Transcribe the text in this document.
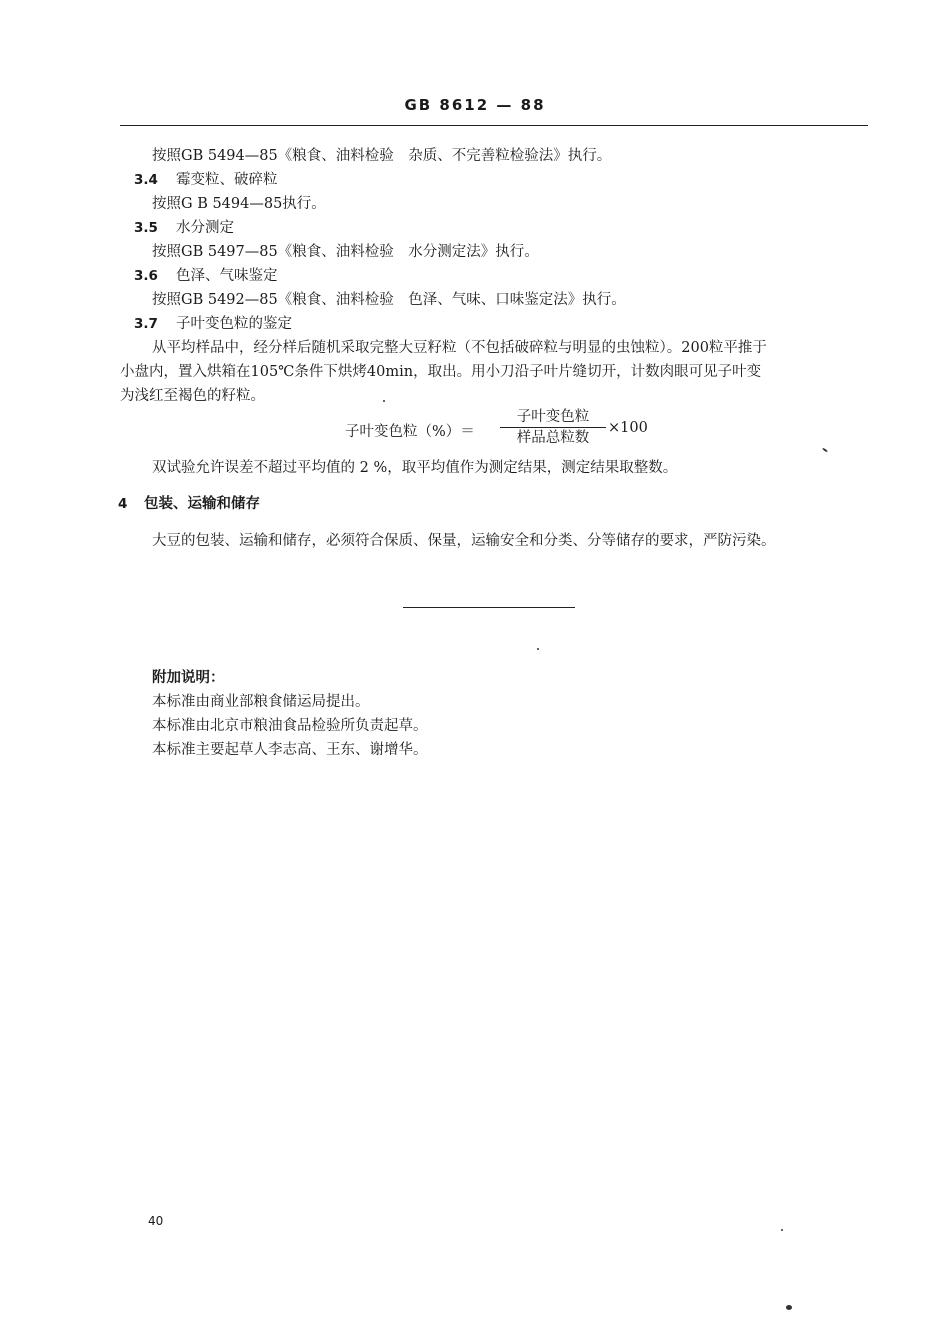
GB 8612 — 88
按照GB 5494—85《粮食、油料检验　杂质、不完善粒检验法》执行。
3.4 霉变粒、破碎粒
按照G B 5494—85执行。
3.5 水分测定
按照GB 5497—85《粮食、油料检验　水分测定法》执行。
3.6 色泽、气味鉴定
按照GB 5492—85《粮食、油料检验　色泽、气味、口味鉴定法》执行。
3.7 子叶变色粒的鉴定
从平均样品中，经分样后随机采取完整大豆籽粒（不包括破碎粒与明显的虫蚀粒）。200粒平推于
小盘内，置入烘箱在105℃条件下烘烤40min，取出。用小刀沿子叶片缝切开，计数肉眼可见子叶变
为浅红至褐色的籽粒。
子叶变色粒（%）＝
子叶变色粒
样品总粒数
×100
双试验允许误差不超过平均值的 2 %，取平均值作为测定结果，测定结果取整数。
4 包装、运输和储存
大豆的包装、运输和储存，必须符合保质、保量，运输安全和分类、分等储存的要求，严防污染。
附加说明：
本标准由商业部粮食储运局提出。
本标准由北京市粮油食品检验所负责起草。
本标准主要起草人李志高、王东、谢增华。
40
